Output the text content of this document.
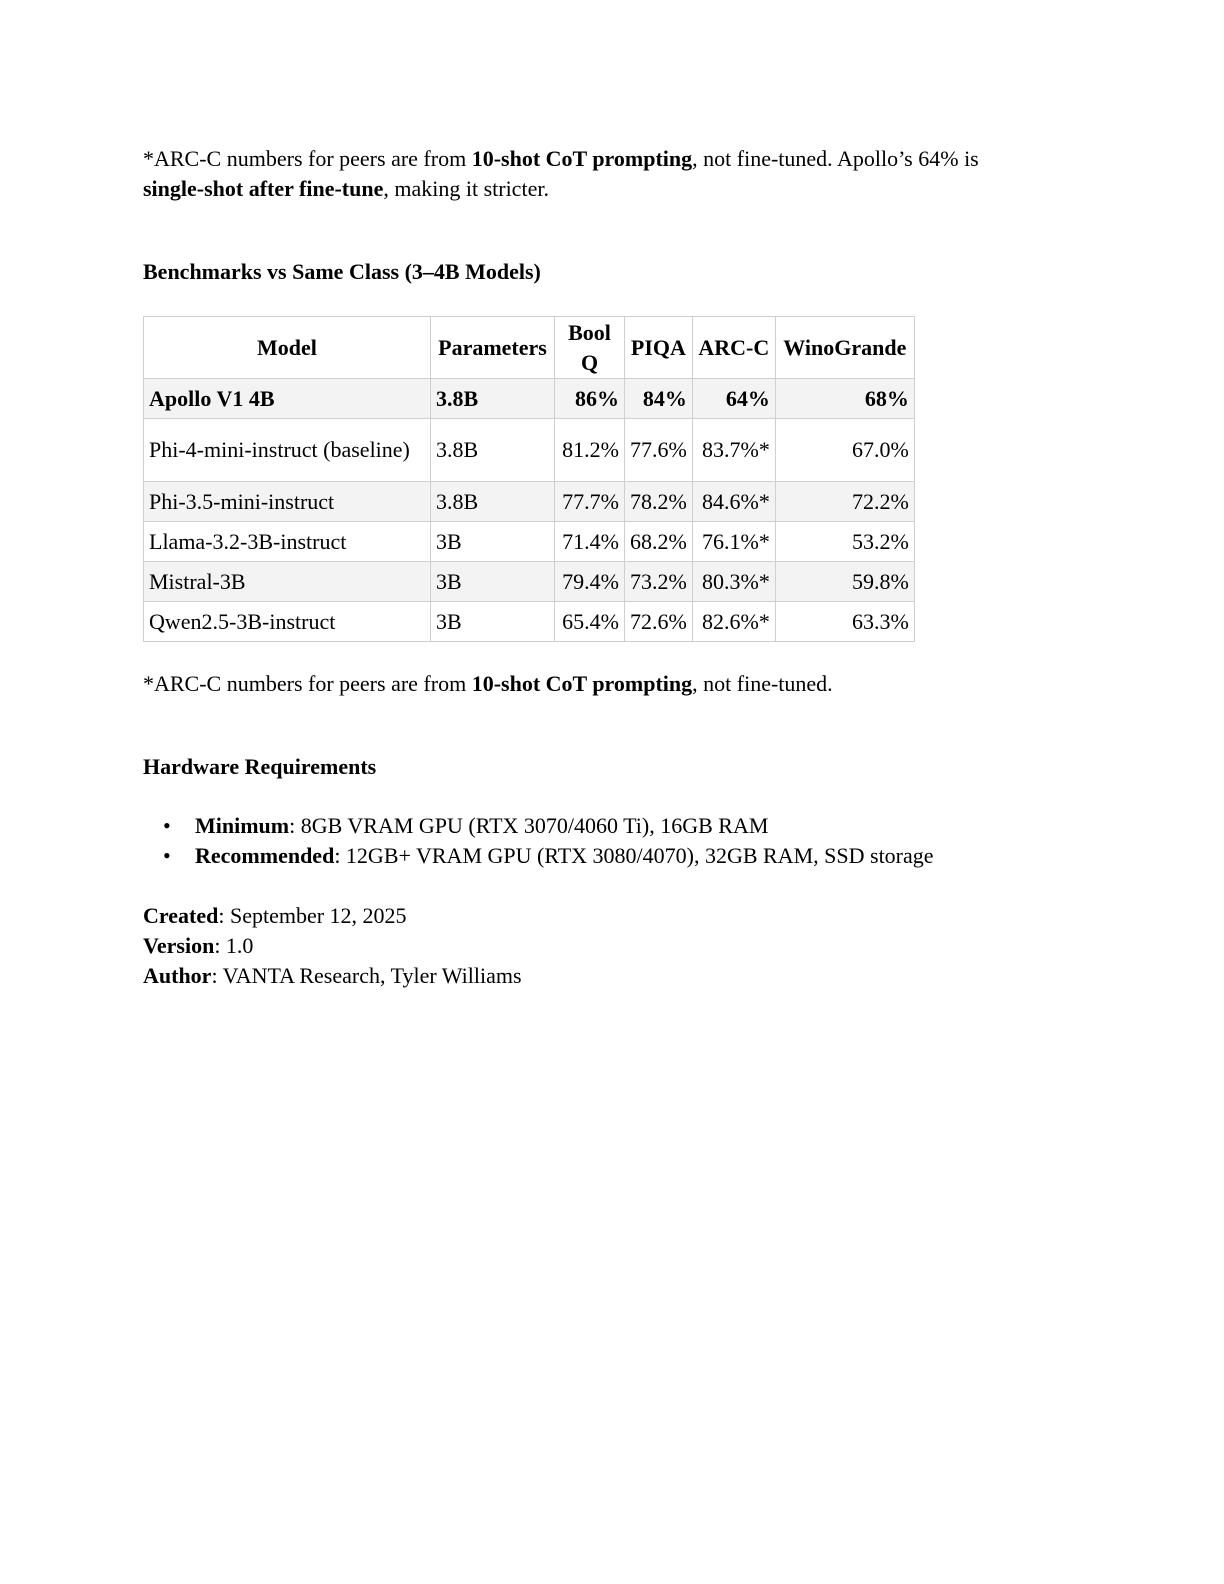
*ARC-C numbers for peers are from 10-shot CoT prompting, not fine-tuned. Apollo’s 64% is
single-shot after fine-tune, making it stricter.

Benchmarks vs Same Class (3–4B Models)

Model	Parameters	BoolQ	PIQA	ARC-C	WinoGrande
Apollo V1 4B	3.8B	86%	84%	64%	68%
Phi-4-mini-instruct (baseline)	3.8B	81.2%	77.6%	83.7%*	67.0%
Phi-3.5-mini-instruct	3.8B	77.7%	78.2%	84.6%*	72.2%
Llama-3.2-3B-instruct	3B	71.4%	68.2%	76.1%*	53.2%
Mistral-3B	3B	79.4%	73.2%	80.3%*	59.8%
Qwen2.5-3B-instruct	3B	65.4%	72.6%	82.6%*	63.3%

*ARC-C numbers for peers are from 10-shot CoT prompting, not fine-tuned.

Hardware Requirements

• Minimum: 8GB VRAM GPU (RTX 3070/4060 Ti), 16GB RAM
• Recommended: 12GB+ VRAM GPU (RTX 3080/4070), 32GB RAM, SSD storage

Created: September 12, 2025
Version: 1.0
Author: VANTA Research, Tyler Williams
